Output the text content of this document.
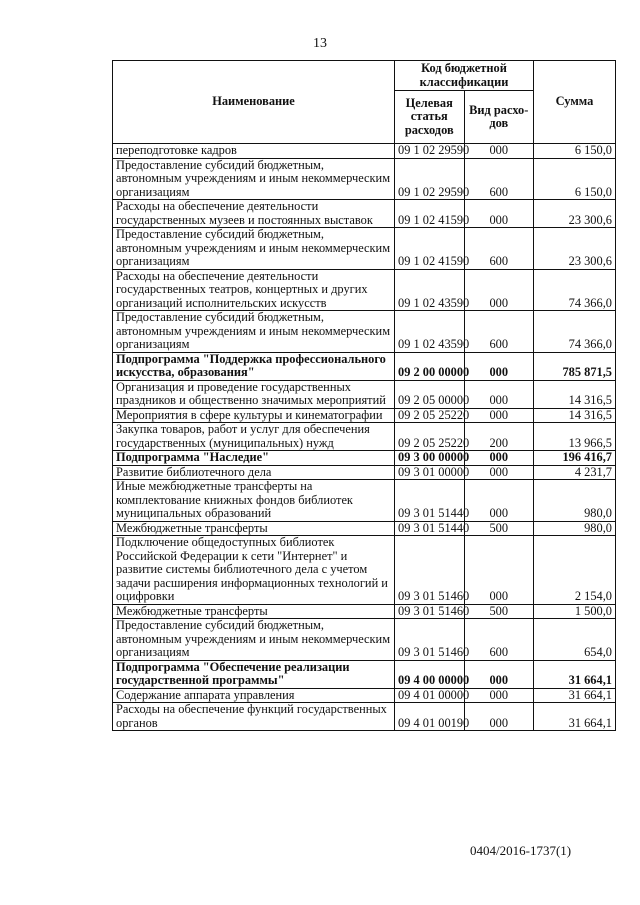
13
Наименование	Код бюджетной классификации		Сумма
	Целевая статья расходов	Вид расхо-дов	
переподготовке кадров	09 1 02 29590	000	6 150,0
Предоставление субсидий бюджетным, автономным учреждениям и иным некоммерческим организациям	09 1 02 29590	600	6 150,0
Расходы на обеспечение деятельности государственных музеев и постоянных выставок	09 1 02 41590	000	23 300,6
Предоставление субсидий бюджетным, автономным учреждениям и иным некоммерческим организациям	09 1 02 41590	600	23 300,6
Расходы на обеспечение деятельности государственных театров, концертных и других организаций исполнительских искусств	09 1 02 43590	000	74 366,0
Предоставление субсидий бюджетным, автономным учреждениям и иным некоммерческим организациям	09 1 02 43590	600	74 366,0
Подпрограмма "Поддержка профессионального искусства, образования"	09 2 00 00000	000	785 871,5
Организация и проведение государственных праздников и общественно значимых мероприятий	09 2 05 00000	000	14 316,5
Мероприятия в сфере культуры и кинематографии	09 2 05 25220	000	14 316,5
Закупка товаров, работ и услуг для обеспечения государственных (муниципальных) нужд	09 2 05 25220	200	13 966,5
Подпрограмма "Наследие"	09 3 00 00000	000	196 416,7
Развитие библиотечного дела	09 3 01 00000	000	4 231,7
Иные межбюджетные трансферты на комплектование книжных фондов библиотек муниципальных образований	09 3 01 51440	000	980,0
Межбюджетные трансферты	09 3 01 51440	500	980,0
Подключение общедоступных библиотек Российской Федерации к сети "Интернет" и развитие системы библиотечного дела с учетом задачи расширения информационных технологий и оцифровки	09 3 01 51460	000	2 154,0
Межбюджетные трансферты	09 3 01 51460	500	1 500,0
Предоставление субсидий бюджетным, автономным учреждениям и иным некоммерческим организациям	09 3 01 51460	600	654,0
Подпрограмма "Обеспечение реализации государственной программы"	09 4 00 00000	000	31 664,1
Содержание аппарата управления	09 4 01 00000	000	31 664,1
Расходы на обеспечение функций государственных органов	09 4 01 00190	000	31 664,1
0404/2016-1737(1)
